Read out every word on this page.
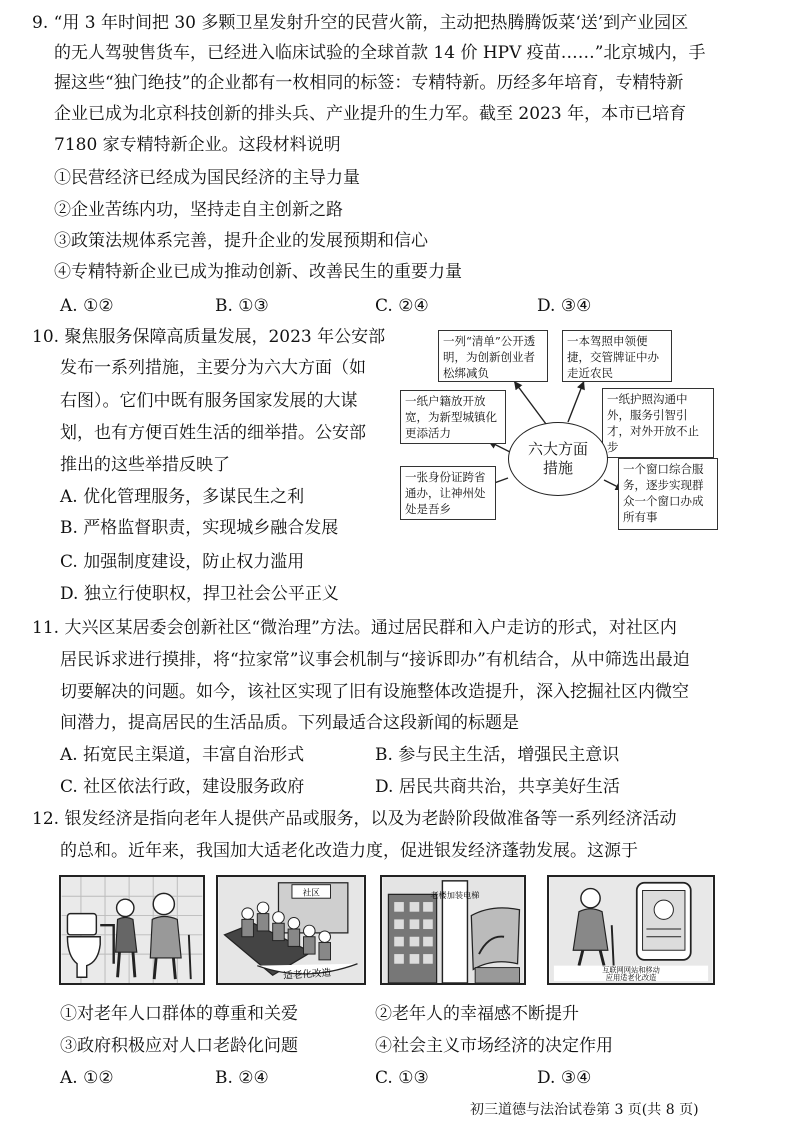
9. “用 3 年时间把 30 多颗卫星发射升空的民营火箭，主动把热腾腾饭菜‘送’到产业园区
的无人驾驶售货车，已经进入临床试验的全球首款 14 价 HPV 疫苗……”北京城内，手
握这些“独门绝技”的企业都有一枚相同的标签：专精特新。历经多年培育，专精特新
企业已成为北京科技创新的排头兵、产业提升的生力军。截至 2023 年，本市已培育
7180 家专精特新企业。这段材料说明
①民营经济已经成为国民经济的主导力量
②企业苦练内功，坚持走自主创新之路
③政策法规体系完善，提升企业的发展预期和信心
④专精特新企业已成为推动创新、改善民生的重要力量
A. ①②	B. ①③	C. ②④	D. ③④
10. 聚焦服务保障高质量发展，2023 年公安部
发布一系列措施，主要分为六大方面（如
右图）。它们中既有服务国家发展的大谋
划，也有方便百姓生活的细举措。公安部
推出的这些举措反映了
A. 优化管理服务，多谋民生之利
B. 严格监督职责，实现城乡融合发展
C. 加强制度建设，防止权力滥用
D. 独立行使职权，捍卫社会公平正义
一列“清单”公开透明，为创新创业者松绑减负
一本驾照申领便捷，交管牌证中办走近农民
一纸户籍放开放宽，为新型城镇化更添活力
一纸护照沟通中外，服务引智引才，对外开放不止步
一张身份证跨省通办，让神州处处是吾乡
一个窗口综合服务，逐步实现群众一个窗口办成所有事
六大方面
措施
11. 大兴区某居委会创新社区“微治理”方法。通过居民群和入户走访的形式，对社区内
居民诉求进行摸排，将“拉家常”议事会机制与“接诉即办”有机结合，从中筛选出最迫
切要解决的问题。如今，该社区实现了旧有设施整体改造提升，深入挖掘社区内微空
间潜力，提高居民的生活品质。下列最适合这段新闻的标题是
A. 拓宽民主渠道，丰富自治形式	B. 参与民主生活，增强民主意识
C. 社区依法行政，建设服务政府	D. 居民共商共治，共享美好生活
12. 银发经济是指向老年人提供产品或服务，以及为老龄阶段做准备等一系列经济活动
的总和。近年来，我国加大适老化改造力度，促进银发经济蓬勃发展。这源于
社区
适老化改造
老楼加装电梯
互联网网站和移动
应用适老化改造
①对老年人口群体的尊重和关爱	②老年人的幸福感不断提升
③政府积极应对人口老龄化问题	④社会主义市场经济的决定作用
A. ①②	B. ②④	C. ①③	D. ③④
初三道德与法治试卷第 3 页(共 8 页)
